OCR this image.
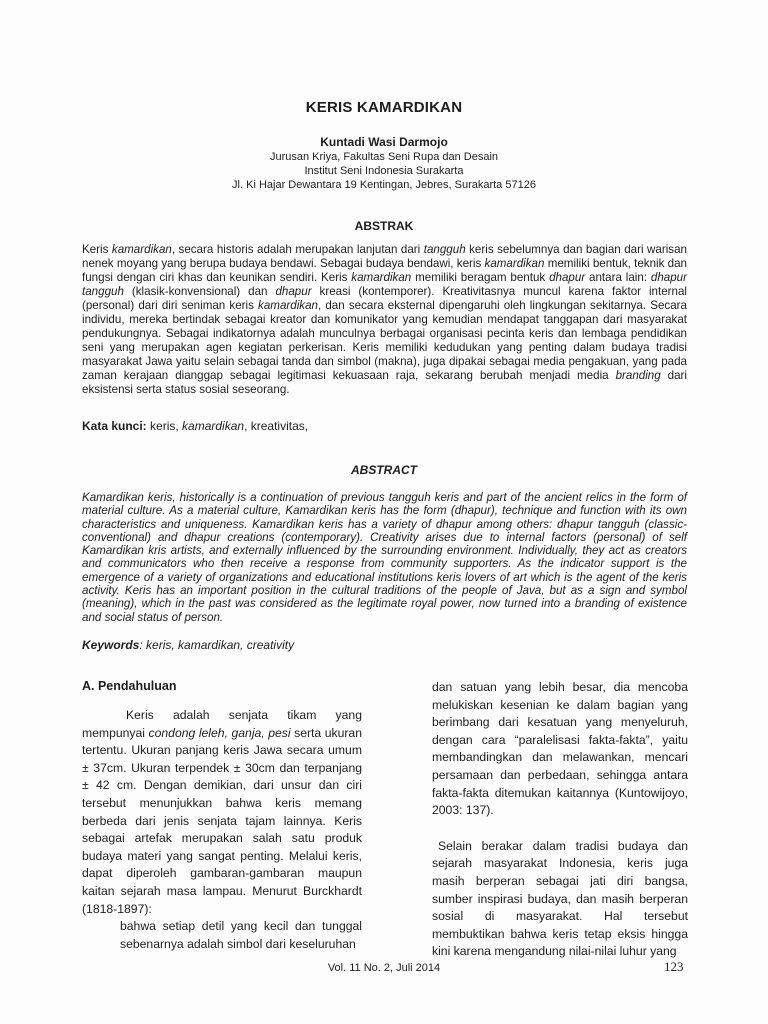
KERIS KAMARDIKAN
Kuntadi Wasi Darmojo
Jurusan Kriya, Fakultas Seni Rupa dan Desain
Institut Seni Indonesia Surakarta
Jl. Ki Hajar Dewantara 19 Kentingan, Jebres, Surakarta 57126
ABSTRAK

Keris kamardikan, secara historis adalah merupakan lanjutan dari tangguh keris sebelumnya dan bagian dari warisan nenek moyang yang berupa budaya bendawi. Sebagai budaya bendawi, keris kamardikan memiliki bentuk, teknik dan fungsi dengan ciri khas dan keunikan sendiri. Keris kamardikan memiliki beragam bentuk dhapur antara lain: dhapur tangguh (klasik-konvensional) dan dhapur kreasi (kontemporer). Kreativitasnya muncul karena faktor internal (personal) dari diri seniman keris kamardikan, dan secara eksternal dipengaruhi oleh lingkungan sekitarnya. Secara individu, mereka bertindak sebagai kreator dan komunikator yang kemudian mendapat tanggapan dari masyarakat pendukungnya. Sebagai indikatornya adalah munculnya berbagai organisasi pecinta keris dan lembaga pendidikan seni yang merupakan agen kegiatan perkerisan. Keris memiliki kedudukan yang penting dalam budaya tradisi masyarakat Jawa yaitu selain sebagai tanda dan simbol (makna), juga dipakai sebagai media pengakuan, yang pada zaman kerajaan dianggap sebagai legitimasi kekuasaan raja, sekarang berubah menjadi media branding dari eksistensi serta status sosial seseorang.

Kata kunci: keris, kamardikan, kreativitas,
ABSTRACT

Kamardikan keris, historically is a continuation of previous tangguh keris and part of the ancient relics in the form of material culture. As a material culture, Kamardikan keris has the form (dhapur), technique and function with its own characteristics and uniqueness. Kamardikan keris has a variety of dhapur among others: dhapur tangguh (classic-conventional) and dhapur creations (contemporary). Creativity arises due to internal factors (personal) of self Kamardikan kris artists, and externally influenced by the surrounding environment. Individually, they act as creators and communicators who then receive a response from community supporters. As the indicator support is the emergence of a variety of organizations and educational institutions keris lovers of art which is the agent of the keris activity. Keris has an important position in the cultural traditions of the people of Java, but as a sign and symbol (meaning), which in the past was considered as the legitimate royal power, now turned into a branding of existence and social status of person.

Keywords: keris, kamardikan, creativity
A. Pendahuluan

Keris adalah senjata tikam yang mempunyai condong leleh, ganja, pesi serta ukuran tertentu. Ukuran panjang keris Jawa secara umum ± 37cm. Ukuran terpendek ± 30cm dan terpanjang ± 42 cm. Dengan demikian, dari unsur dan ciri tersebut menunjukkan bahwa keris memang berbeda dari jenis senjata tajam lainnya. Keris sebagai artefak merupakan salah satu produk budaya materi yang sangat penting. Melalui keris, dapat diperoleh gambaran-gambaran maupun kaitan sejarah masa lampau. Menurut Burckhardt (1818-1897):

bahwa setiap detil yang kecil dan tunggal sebenarnya adalah simbol dari keseluruhan

dan satuan yang lebih besar, dia mencoba melukiskan kesenian ke dalam bagian yang berimbang dari kesatuan yang menyeluruh, dengan cara “paralelisasi fakta-fakta”, yaitu membandingkan dan melawankan, mencari persamaan dan perbedaan, sehingga antara fakta-fakta ditemukan kaitannya (Kuntowijoyo, 2003: 137).

Selain berakar dalam tradisi budaya dan sejarah masyarakat Indonesia, keris juga masih berperan sebagai jati diri bangsa, sumber inspirasi budaya, dan masih berperan sosial di masyarakat. Hal tersebut membuktikan bahwa keris tetap eksis hingga kini karena mengandung nilai-nilai luhur yang

Vol. 11 No. 2, Juli 2014	123
